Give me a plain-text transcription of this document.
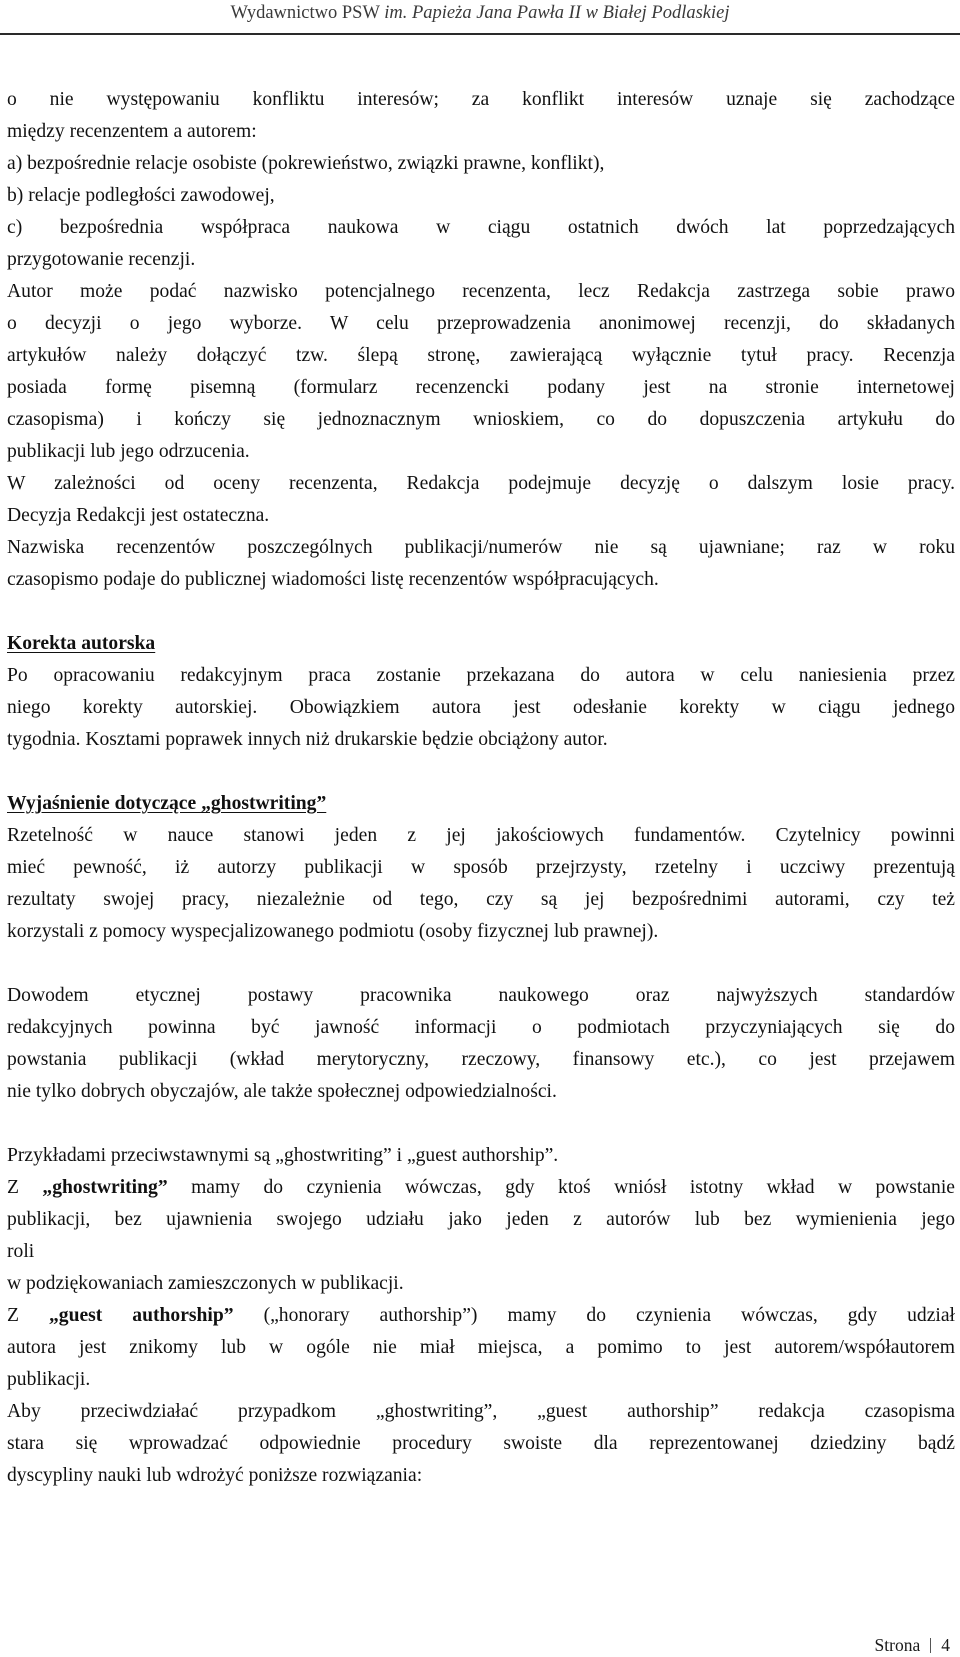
Wydawnictwo PSW im. Papieża Jana Pawła II w Białej Podlaskiej

o nie występowaniu konfliktu interesów; za konflikt interesów uznaje się zachodzące

między recenzentem a autorem:

a) bezpośrednie relacje osobiste (pokrewieństwo, związki prawne, konflikt),

b) relacje podległości zawodowej,

c) bezpośrednia współpraca naukowa w ciągu ostatnich dwóch lat poprzedzających

przygotowanie recenzji.

Autor może podać nazwisko potencjalnego recenzenta, lecz Redakcja zastrzega sobie prawo

o decyzji o jego wyborze. W celu przeprowadzenia anonimowej recenzji, do składanych

artykułów należy dołączyć tzw. ślepą stronę, zawierającą wyłącznie tytuł pracy. Recenzja

posiada formę pisemną (formularz recenzencki podany jest na stronie internetowej

czasopisma) i kończy się jednoznacznym wnioskiem, co do dopuszczenia artykułu do

publikacji lub jego odrzucenia.

W zależności od oceny recenzenta, Redakcja podejmuje decyzję o dalszym losie pracy.

Decyzja Redakcji jest ostateczna.

Nazwiska recenzentów poszczególnych publikacji/numerów nie są ujawniane; raz w roku

czasopismo podaje do publicznej wiadomości listę recenzentów współpracujących.

Korekta autorska

Po opracowaniu redakcyjnym praca zostanie przekazana do autora w celu naniesienia przez

niego korekty autorskiej. Obowiązkiem autora jest odesłanie korekty w ciągu jednego

tygodnia. Kosztami poprawek innych niż drukarskie będzie obciążony autor.

Wyjaśnienie dotyczące „ghostwriting”

Rzetelność w nauce stanowi jeden z jej jakościowych fundamentów. Czytelnicy powinni

mieć pewność, iż autorzy publikacji w sposób przejrzysty, rzetelny i uczciwy prezentują

rezultaty swojej pracy, niezależnie od tego, czy są jej bezpośrednimi autorami, czy też

korzystali z pomocy wyspecjalizowanego podmiotu (osoby fizycznej lub prawnej).

Dowodem etycznej postawy pracownika naukowego oraz najwyższych standardów

redakcyjnych powinna być jawność informacji o podmiotach przyczyniających się do

powstania publikacji (wkład merytoryczny, rzeczowy, finansowy etc.), co jest przejawem

nie tylko dobrych obyczajów, ale także społecznej odpowiedzialności.

Przykładami przeciwstawnymi są „ghostwriting” i „guest authorship”.

Z „ghostwriting” mamy do czynienia wówczas, gdy ktoś wniósł istotny wkład w powstanie

publikacji, bez ujawnienia swojego udziału jako jeden z autorów lub bez wymienienia jego

roli

w podziękowaniach zamieszczonych w publikacji.

Z „guest authorship” („honorary authorship”) mamy do czynienia wówczas, gdy udział

autora jest znikomy lub w ogóle nie miał miejsca, a pomimo to jest autorem/współautorem

publikacji.

Aby przeciwdziałać przypadkom „ghostwriting”, „guest authorship” redakcja czasopisma

stara się wprowadzać odpowiednie procedury swoiste dla reprezentowanej dziedziny bądź

dyscypliny nauki lub wdrożyć poniższe rozwiązania:

Strona 4
